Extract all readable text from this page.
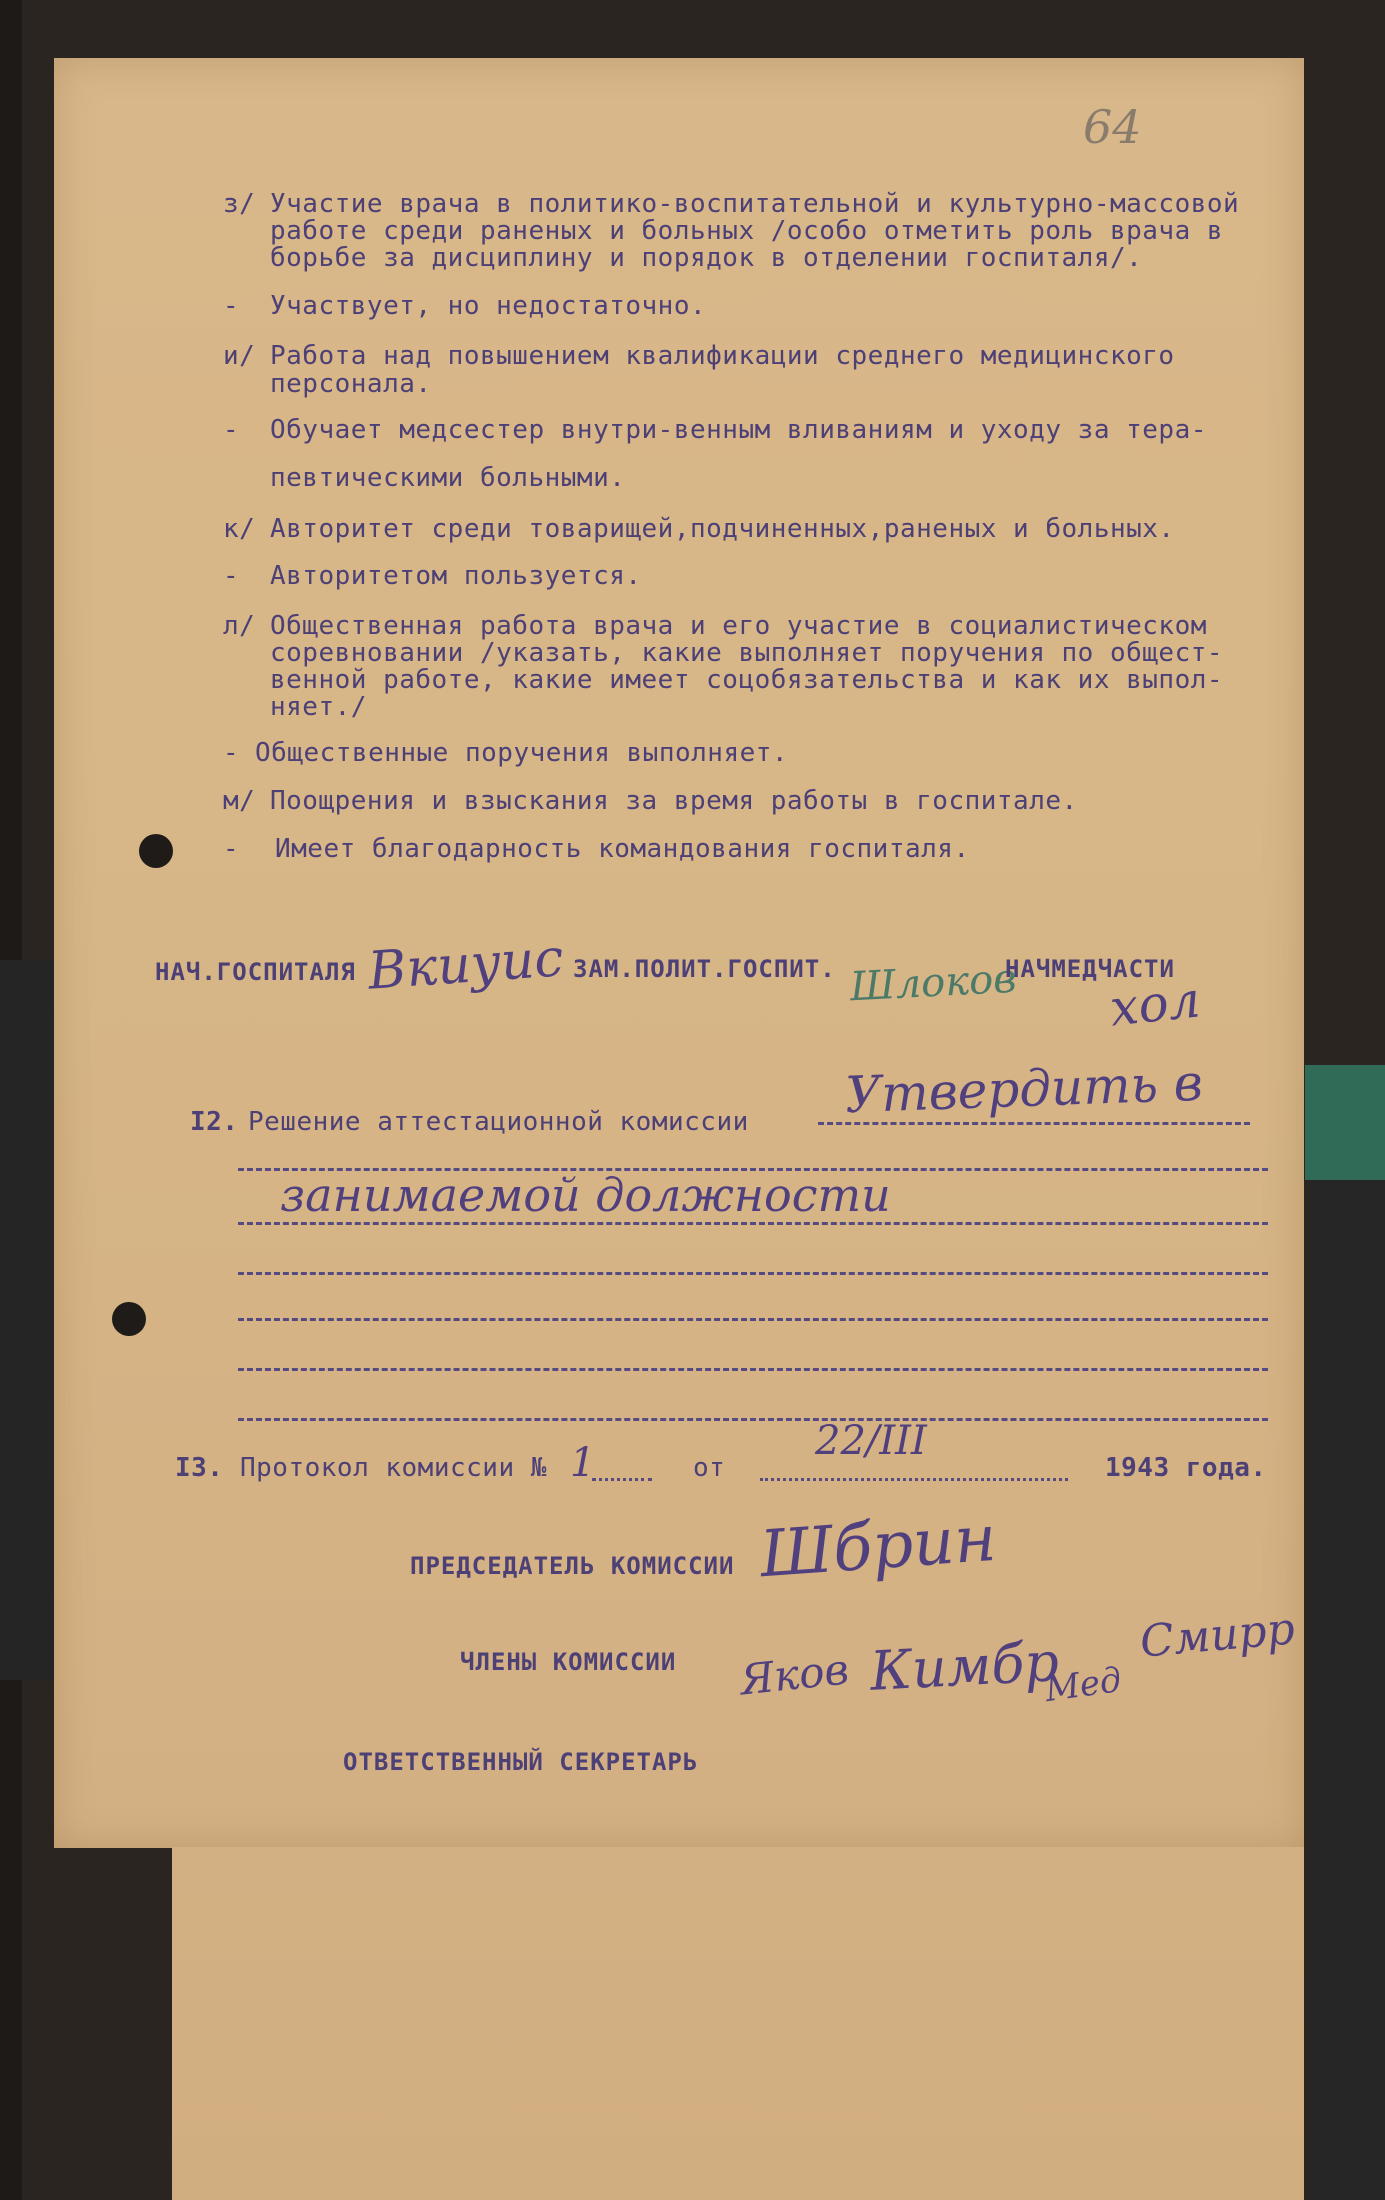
64
з/ Участие врача в политико-воспитательной и культурно-массовой
работе среди раненых и больных /особо отметить роль врача в
борьбе за дисциплину и порядок в отделении госпиталя/.
- Участвует, но недостаточно.
и/ Работа над повышением квалификации среднего медицинского
персонала.
- Обучает медсестер внутри-венным вливаниям и уходу за тера-
певтическими больными.
к/ Авторитет среди товарищей,подчиненных,раненых и больных.
- Авторитетом пользуется.
л/ Общественная работа врача и его участие в социалистическом
соревновании /указать, какие выполняет поручения по общест-
венной работе, какие имеет соцобязательства и как их выпол-
няет./
- Общественные поручения выполняет.
м/ Поощрения и взыскания за время работы в госпитале.
- Имеет благодарность командования госпиталя.
НАЧ.ГОСПИТАЛЯ Вкиуис ЗАМ.ПОЛИТ.ГОСПИТ. Шлоков
НАЧМЕДЧАСТИ
хол
I2. Решение аттестационной комиссии Утвердить в
занимаемой должности
I3. Протокол комиссии № 1	от
22/III
1943 года.
ПРЕДСЕДАТЕЛЬ КОМИССИИ Шбрин
ЧЛЕНЫ КОМИССИИ Яков Кимбр
Мед
Смирр
ОТВЕТСТВЕННЫЙ СЕКРЕТАРЬ
